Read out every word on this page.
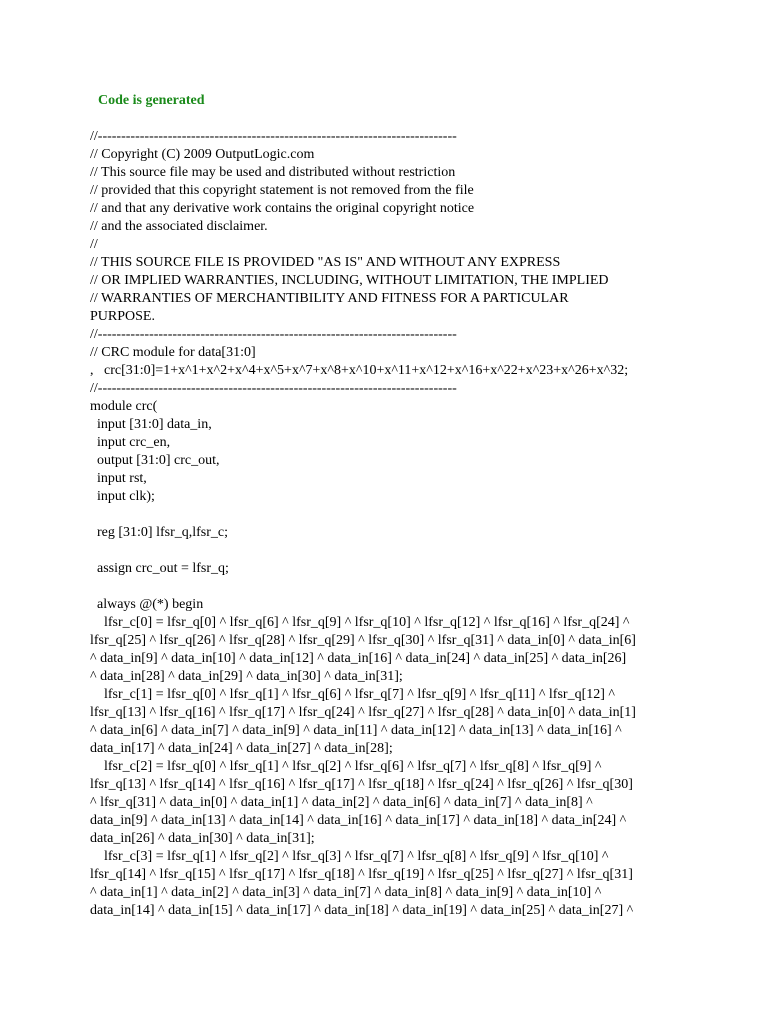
Code is generated
//-----------------------------------------------------------------------------
// Copyright (C) 2009 OutputLogic.com
// This source file may be used and distributed without restriction
// provided that this copyright statement is not removed from the file
// and that any derivative work contains the original copyright notice
// and the associated disclaimer.
//
// THIS SOURCE FILE IS PROVIDED "AS IS" AND WITHOUT ANY EXPRESS
// OR IMPLIED WARRANTIES, INCLUDING, WITHOUT LIMITATION, THE IMPLIED
// WARRANTIES OF MERCHANTIBILITY AND FITNESS FOR A PARTICULAR
PURPOSE.
//-----------------------------------------------------------------------------
// CRC module for data[31:0]
,   crc[31:0]=1+x^1+x^2+x^4+x^5+x^7+x^8+x^10+x^11+x^12+x^16+x^22+x^23+x^26+x^32;
//-----------------------------------------------------------------------------
module crc(
input [31:0] data_in,
input crc_en,
output [31:0] crc_out,
input rst,
input clk);
reg [31:0] lfsr_q,lfsr_c;
assign crc_out = lfsr_q;
always @(*) begin
lfsr_c[0] = lfsr_q[0] ^ lfsr_q[6] ^ lfsr_q[9] ^ lfsr_q[10] ^ lfsr_q[12] ^ lfsr_q[16] ^ lfsr_q[24] ^
lfsr_q[25] ^ lfsr_q[26] ^ lfsr_q[28] ^ lfsr_q[29] ^ lfsr_q[30] ^ lfsr_q[31] ^ data_in[0] ^ data_in[6]
^ data_in[9] ^ data_in[10] ^ data_in[12] ^ data_in[16] ^ data_in[24] ^ data_in[25] ^ data_in[26]
^ data_in[28] ^ data_in[29] ^ data_in[30] ^ data_in[31];
lfsr_c[1] = lfsr_q[0] ^ lfsr_q[1] ^ lfsr_q[6] ^ lfsr_q[7] ^ lfsr_q[9] ^ lfsr_q[11] ^ lfsr_q[12] ^
lfsr_q[13] ^ lfsr_q[16] ^ lfsr_q[17] ^ lfsr_q[24] ^ lfsr_q[27] ^ lfsr_q[28] ^ data_in[0] ^ data_in[1]
^ data_in[6] ^ data_in[7] ^ data_in[9] ^ data_in[11] ^ data_in[12] ^ data_in[13] ^ data_in[16] ^
data_in[17] ^ data_in[24] ^ data_in[27] ^ data_in[28];
lfsr_c[2] = lfsr_q[0] ^ lfsr_q[1] ^ lfsr_q[2] ^ lfsr_q[6] ^ lfsr_q[7] ^ lfsr_q[8] ^ lfsr_q[9] ^
lfsr_q[13] ^ lfsr_q[14] ^ lfsr_q[16] ^ lfsr_q[17] ^ lfsr_q[18] ^ lfsr_q[24] ^ lfsr_q[26] ^ lfsr_q[30]
^ lfsr_q[31] ^ data_in[0] ^ data_in[1] ^ data_in[2] ^ data_in[6] ^ data_in[7] ^ data_in[8] ^
data_in[9] ^ data_in[13] ^ data_in[14] ^ data_in[16] ^ data_in[17] ^ data_in[18] ^ data_in[24] ^
data_in[26] ^ data_in[30] ^ data_in[31];
lfsr_c[3] = lfsr_q[1] ^ lfsr_q[2] ^ lfsr_q[3] ^ lfsr_q[7] ^ lfsr_q[8] ^ lfsr_q[9] ^ lfsr_q[10] ^
lfsr_q[14] ^ lfsr_q[15] ^ lfsr_q[17] ^ lfsr_q[18] ^ lfsr_q[19] ^ lfsr_q[25] ^ lfsr_q[27] ^ lfsr_q[31]
^ data_in[1] ^ data_in[2] ^ data_in[3] ^ data_in[7] ^ data_in[8] ^ data_in[9] ^ data_in[10] ^
data_in[14] ^ data_in[15] ^ data_in[17] ^ data_in[18] ^ data_in[19] ^ data_in[25] ^ data_in[27] ^
